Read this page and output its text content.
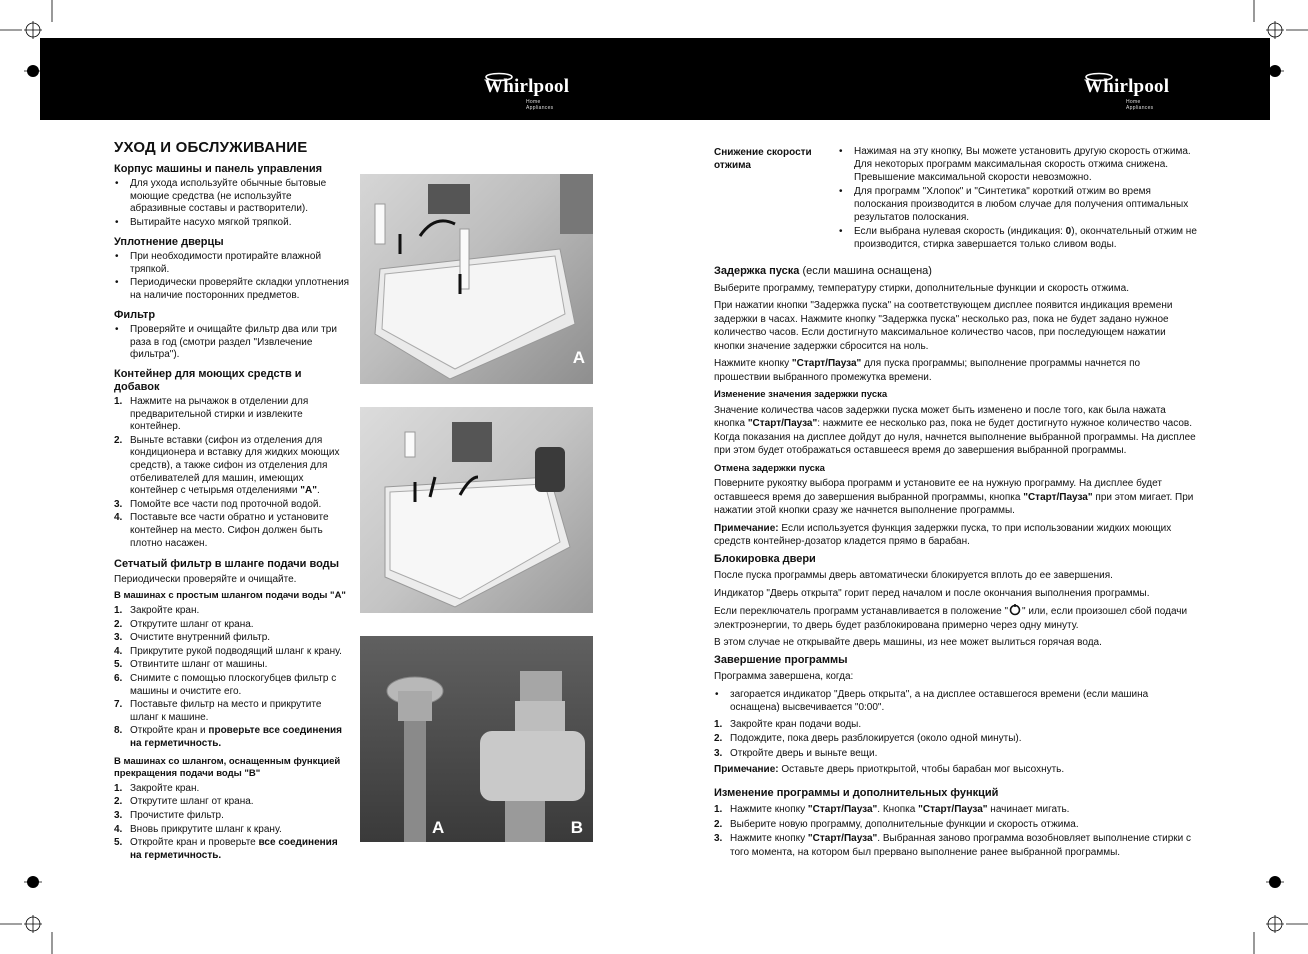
Whirlpool
Home Appliances
Whirlpool
Home Appliances
УХОД И ОБСЛУЖИВАНИЕ
Корпус машины и панель управления
• Для ухода используйте обычные бытовые моющие средства (не используйте абразивные составы и растворители).
• Вытирайте насухо мягкой тряпкой.
Уплотнение дверцы
• При необходимости протирайте влажной тряпкой.
• Периодически проверяйте складки уплотнения на наличие посторонних предметов.
Фильтр
• Проверяйте и очищайте фильтр два или три раза в год (смотри раздел "Извлечение фильтра").
Контейнер для моющих средств и добавок
1. Нажмите на рычажок в отделении для предварительной стирки и извлеките контейнер.
2. Выньте вставки (сифон из отделения для кондиционера и вставку для жидких моющих средств), а также сифон из отделения для отбеливателей для машин, имеющих контейнер с четырьмя отделениями "A".
3. Помойте все части под проточной водой.
4. Поставьте все части обратно и установите контейнер на место. Сифон должен быть плотно насажен.
Сетчатый фильтр в шланге подачи воды

Периодически проверяйте и очищайте.

В машинах с простым шлангом подачи воды "A"
1. Закройте кран.
2. Открутите шланг от крана.
3. Очистите внутренний фильтр.
4. Прикрутите рукой подводящий шланг к крану.
5. Отвинтите шланг от машины.
6. Снимите с помощью плоскогубцев фильтр с машины и очистите его.
7. Поставьте фильтр на место и прикрутите шланг к машине.
8. Откройте кран и проверьте все соединения на герметичность.
В машинах со шлангом, оснащенным функцией прекращения подачи воды "B"
1. Закройте кран.
2. Открутите шланг от крана.
3. Прочистите фильтр.
4. Вновь прикрутите шланг к крану.
5. Откройте кран и проверьте все соединения на герметичность.
A
A	B
Снижение скорости отжима
• Нажимая на эту кнопку, Вы можете установить другую скорость отжима. Для некоторых программ максимальная скорость отжима снижена. Превышение максимальной скорости невозможно.
• Для программ "Хлопок" и "Синтетика" короткий отжим во время полоскания производится в любом случае для получения оптимальных результатов полоскания.
• Если выбрана нулевая скорость (индикация: 0), окончательный отжим не производится, стирка завершается только сливом воды.
Задержка пуска (если машина оснащена)

Выберите программу, температуру стирки, дополнительные функции и скорость отжима.

При нажатии кнопки "Задержка пуска" на соответствующем дисплее появится индикация времени задержки в часах. Нажмите кнопку "Задержка пуска" несколько раз, пока не будет задано нужное количество часов. Если достигнуто максимальное количество часов, при последующем нажатии кнопки значение задержки сбросится на ноль.

Нажмите кнопку "Старт/Пауза" для пуска программы; выполнение программы начнется по прошествии выбранного промежутка времени.

Изменение значения задержки пуска

Значение количества часов задержки пуска может быть изменено и после того, как была нажата кнопка "Старт/Пауза": нажмите ее несколько раз, пока не будет достигнуто нужное количество часов. Когда показания на дисплее дойдут до нуля, начнется выполнение выбранной программы. На дисплее при этом будет отображаться оставшееся время до завершения выбранной программы.

Отмена задержки пуска

Поверните рукоятку выбора программ и установите ее на нужную программу. На дисплее будет оставшееся время до завершения выбранной программы, кнопка "Старт/Пауза" при этом мигает. При нажатии этой кнопки сразу же начнется выполнение программы.

Примечание: Если используется функция задержки пуска, то при использовании жидких моющих средств контейнер-дозатор кладется прямо в барабан.

Блокировка двери

После пуска программы дверь автоматически блокируется вплоть до ее завершения.

Индикатор "Дверь открыта" горит перед началом и после окончания выполнения программы.

Если переключатель программ устанавливается в положение " " или, если произошел сбой подачи электроэнергии, то дверь будет разблокирована примерно через одну минуту.

В этом случае не открывайте дверь машины, из нее может вылиться горячая вода.

Завершение программы

Программа завершена, когда:

• загорается индикатор "Дверь открыта", а на дисплее оставшегося времени (если машина оснащена) высвечивается "0:00".
1. Закройте кран подачи воды.
2. Подождите, пока дверь разблокируется (около одной минуты).
3. Откройте дверь и выньте вещи.

Примечание: Оставьте дверь приоткрытой, чтобы барабан мог высохнуть.

Изменение программы и дополнительных функций
1. Нажмите кнопку "Старт/Пауза". Кнопка "Старт/Пауза" начинает мигать.
2. Выберите новую программу, дополнительные функции и скорость отжима.
3. Нажмите кнопку "Старт/Пауза". Выбранная заново программа возобновляет выполнение стирки с того момента, на котором был прервано выполнение ранее выбранной программы.
